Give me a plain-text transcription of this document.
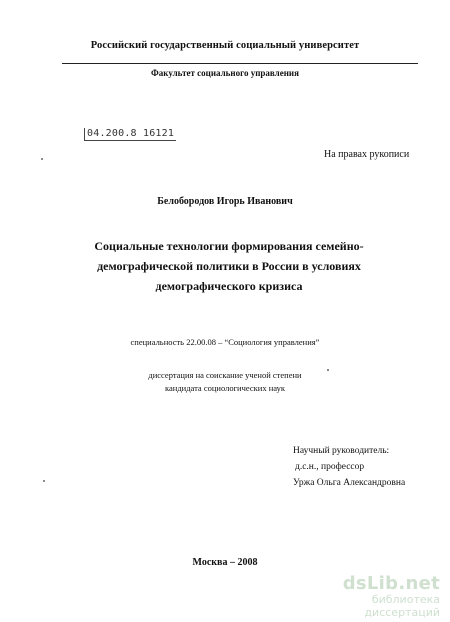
Российский государственный социальный университет
Факультет социального управления
04.200.8 16121
На правах рукописи
Белобородов Игорь Иванович
Социальные технологии формирования семейно-
демографической политики в России в условиях
демографического кризиса
специальность 22.00.08 – “Социология управления”
диссертация на соискание ученой степени
кандидата социологических наук
Научный руководитель:
д.с.н., профессор
Уржа Ольга Александровна
Москва – 2008
dsLib.net
библиотека диссертаций
